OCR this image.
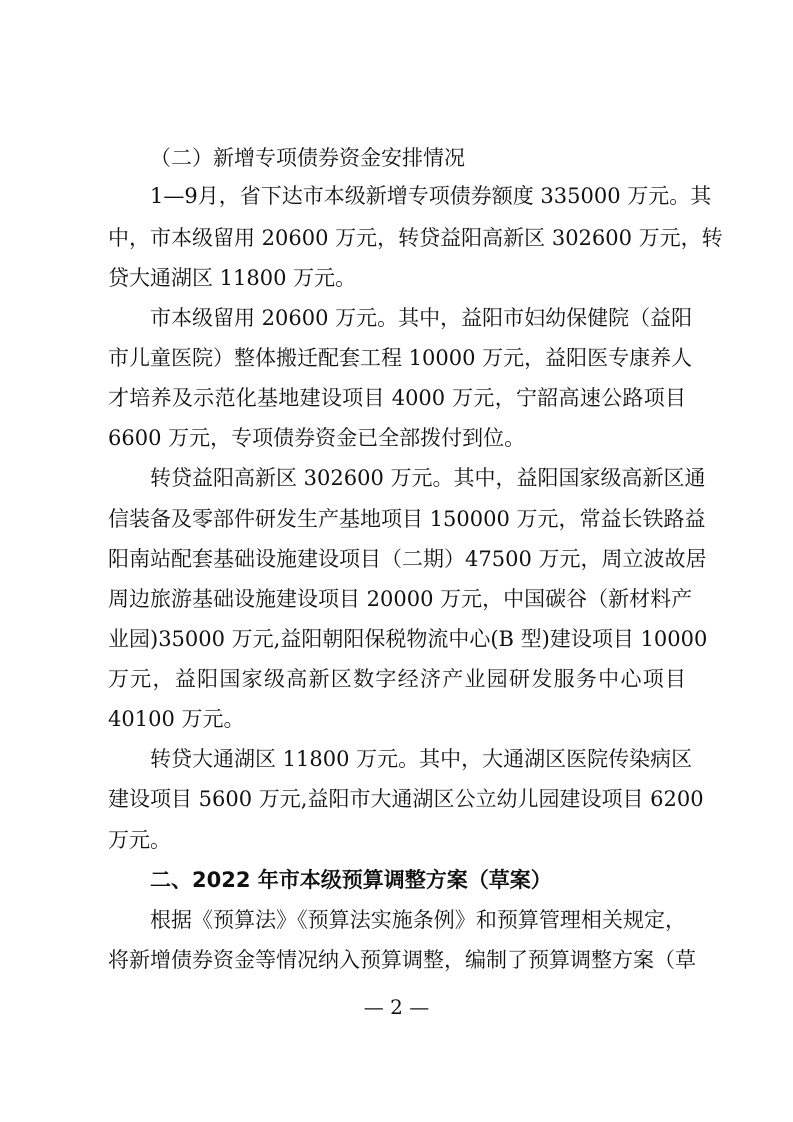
（二）新增专项债券资金安排情况

1—9月，省下达市本级新增专项债券额度 335000 万元。其

中，市本级留用 20600 万元，转贷益阳高新区 302600 万元，转

贷大通湖区 11800 万元。

市本级留用 20600 万元。其中，益阳市妇幼保健院（益阳

市儿童医院）整体搬迁配套工程 10000 万元，益阳医专康养人

才培养及示范化基地建设项目 4000 万元，宁韶高速公路项目

6600 万元，专项债券资金已全部拨付到位。

转贷益阳高新区 302600 万元。其中，益阳国家级高新区通

信装备及零部件研发生产基地项目 150000 万元，常益长铁路益

阳南站配套基础设施建设项目（二期）47500 万元，周立波故居

周边旅游基础设施建设项目 20000 万元，中国碳谷（新材料产

业园)35000 万元,益阳朝阳保税物流中心(B 型)建设项目 10000

万元，益阳国家级高新区数字经济产业园研发服务中心项目

40100 万元。

转贷大通湖区 11800 万元。其中，大通湖区医院传染病区

建设项目 5600 万元,益阳市大通湖区公立幼儿园建设项目 6200

万元。

二、2022 年市本级预算调整方案（草案）

根据《预算法》《预算法实施条例》和预算管理相关规定，

将新增债券资金等情况纳入预算调整，编制了预算调整方案（草

— 2 —
